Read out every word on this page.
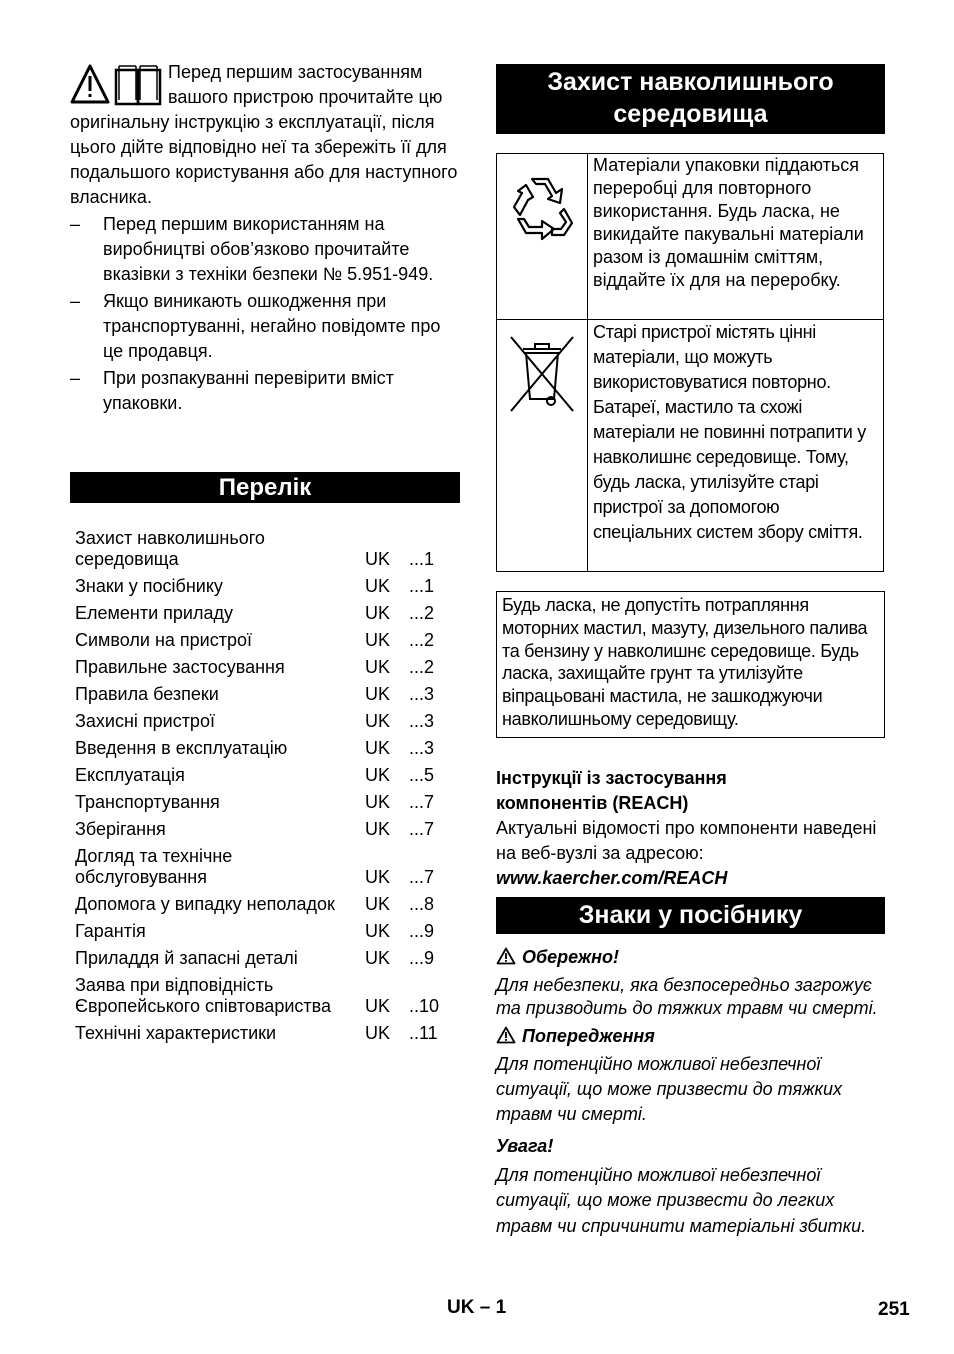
Перед першим застосуванням вашого пристрою прочитайте цю оригінальну інструкцію з експлуатації, після цього дійте відповідно неї та збережіть її для подальшого користування або для наступного власника.

– Перед першим використанням на виробництві обов’язково прочитайте вказівки з техніки безпеки № 5.951-949.
– Якщо виникають ошкодження при транспортуванні, негайно повідомте про це продавця.
– При розпакуванні перевірити вміст упаковки.
Перелік
Захист навколишнього середовища	UK	...1
Знаки у посібнику	UK	...1
Елементи приладу	UK	...2
Символи на пристрої	UK	...2
Правильне застосування	UK	...2
Правила безпеки	UK	...3
Захисні пристрої	UK	...3
Введення в експлуатацію	UK	...3
Експлуатація	UK	...5
Транспортування	UK	...7
Зберігання	UK	...7
Догляд та технічне обслуговування	UK	...7
Допомога у випадку неполадок	UK	...8
Гарантія	UK	...9
Приладдя й запасні деталі	UK	...9
Заява при відповідність Європейського співтовариства	UK	..10
Технічні характеристики	UK	..11
Захист навколишнього середовища
	Матеріали упаковки піддаються переробці для повторного використання. Будь ласка, не викидайте пакувальні матеріали разом із домашнім сміттям, віддайте їх для на переробку.
	Старі пристрої містять цінні матеріали, що можуть використовуватися повторно. Батареї, мастило та схожі матеріали не повинні потрапити у навколишнє середовище. Тому, будь ласка, утилізуйте старі пристрої за допомогою спеціальних систем збору сміття.
Будь ласка, не допустіть потрапляння моторних мастил, мазуту, дизельного палива та бензину у навколишнє середовище. Будь ласка, захищайте грунт та утилізуйте віпрацьовані мастила, не зашкоджуючи навколишньому середовищу.
Інструкції із застосування компонентів (REACH)
Актуальні відомості про компоненти наведені на веб-вузлі за адресою:
www.kaercher.com/REACH
Знаки у посібнику

Обережно!

Для небезпеки, яка безпосередньо загрожує та призводить до тяжких травм чи смерті.

Попередження

Для потенційно можливої небезпечної ситуації, що може призвести до тяжких травм чи смерті.

Увага!

Для потенційно можливої небезпечної ситуації, що може призвести до легких травм чи спричинити матеріальні збитки.

UK – 1	251
